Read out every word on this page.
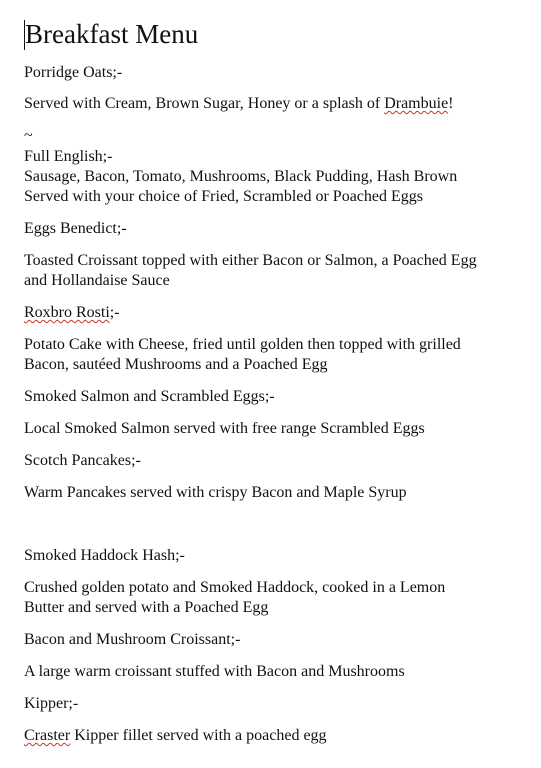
Breakfast Menu
Porridge Oats;-
Served with Cream, Brown Sugar, Honey or a splash of Drambuie!
~
Full English;-
Sausage, Bacon, Tomato, Mushrooms, Black Pudding, Hash Brown
Served with your choice of Fried, Scrambled or Poached Eggs
Eggs Benedict;-
Toasted Croissant topped with either Bacon or Salmon, a Poached Egg
and Hollandaise Sauce
Roxbro Rosti;-
Potato Cake with Cheese, fried until golden then topped with grilled
Bacon, sautéed Mushrooms and a Poached Egg
Smoked Salmon and Scrambled Eggs;-
Local Smoked Salmon served with free range Scrambled Eggs
Scotch Pancakes;-
Warm Pancakes served with crispy Bacon and Maple Syrup
Smoked Haddock Hash;-
Crushed golden potato and Smoked Haddock, cooked in a Lemon
Butter and served with a Poached Egg
Bacon and Mushroom Croissant;-
A large warm croissant stuffed with Bacon and Mushrooms
Kipper;-
Craster Kipper fillet served with a poached egg
